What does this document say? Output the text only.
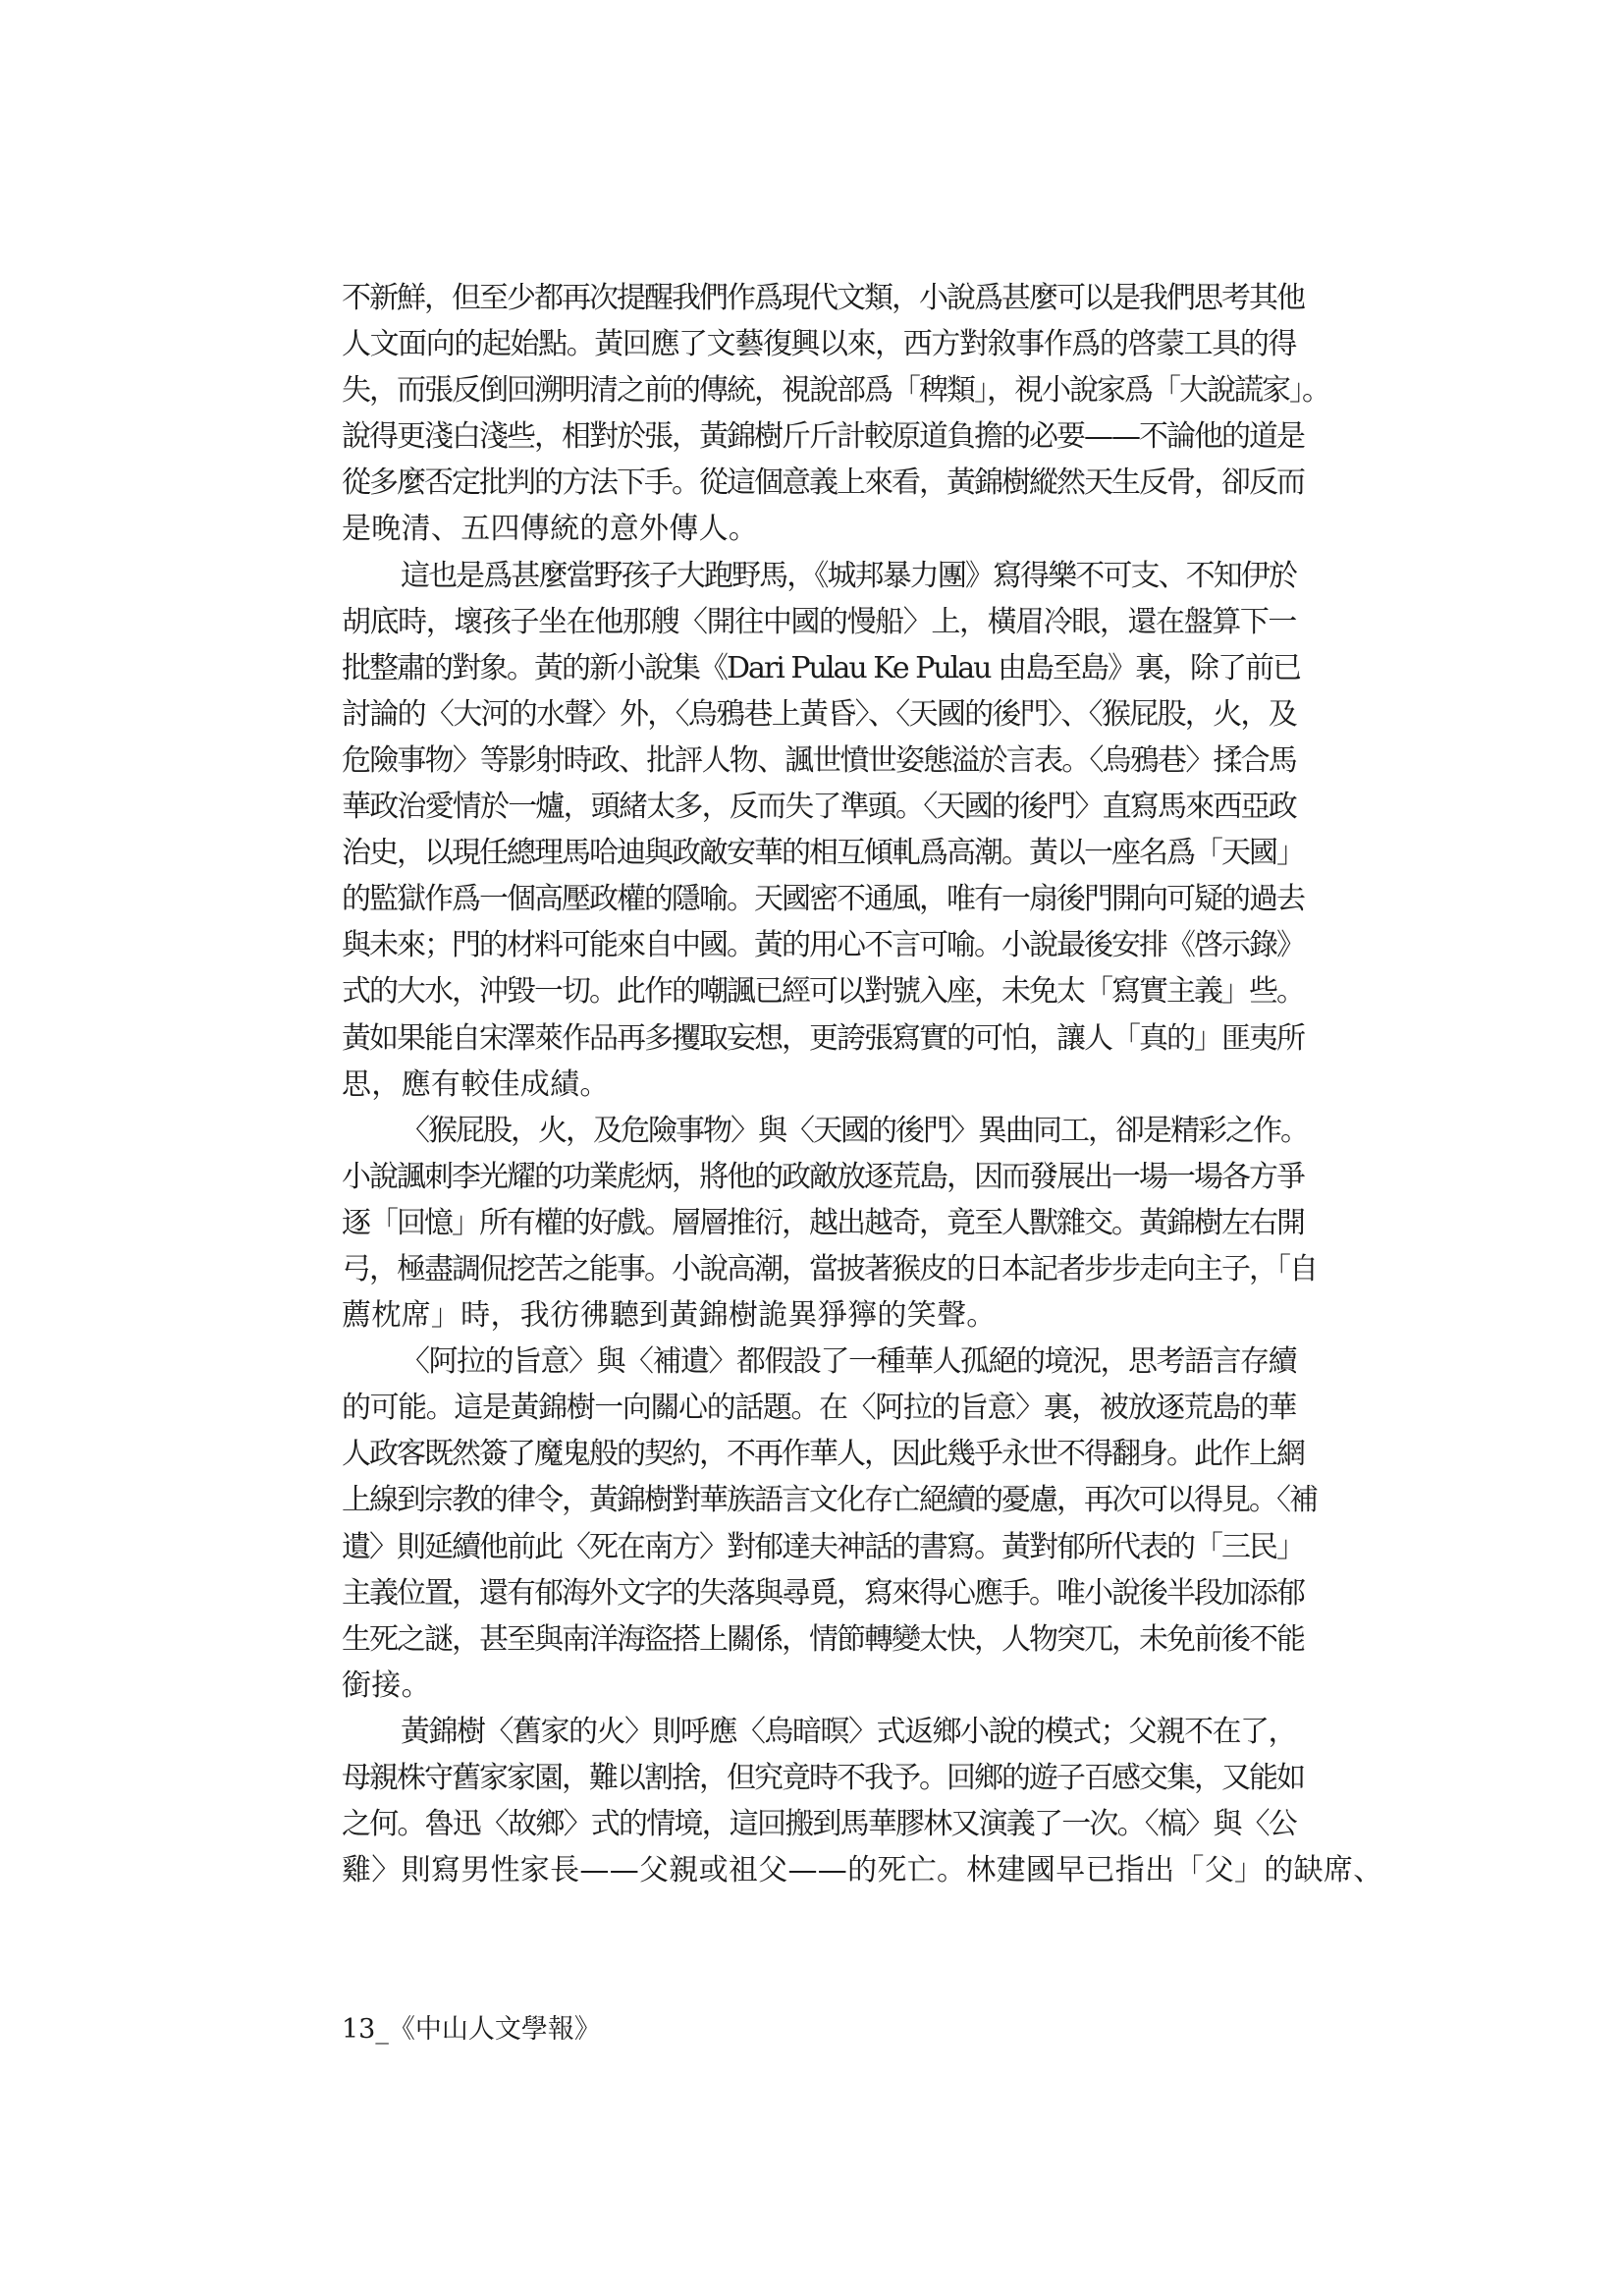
不新鮮，但至少都再次提醒我們作爲現代文類，小說爲甚麼可以是我們思考其他
人文面向的起始點。黃回應了文藝復興以來，西方對敘事作爲的啓蒙工具的得
失，而張反倒回溯明清之前的傳統，視說部爲「稗類」，視小說家爲「大說謊家」。
說得更淺白淺些，相對於張，黃錦樹斤斤計較原道負擔的必要——不論他的道是
從多麼否定批判的方法下手。從這個意義上來看，黃錦樹縱然天生反骨，卻反而
是晚清、五四傳統的意外傳人。
這也是爲甚麼當野孩子大跑野馬，《城邦暴力團》寫得樂不可支、不知伊於
胡底時，壞孩子坐在他那艘〈開往中國的慢船〉上，橫眉冷眼，還在盤算下一
批整肅的對象。黃的新小說集《Dari Pulau Ke Pulau 由島至島》裏，除了前已
討論的〈大河的水聲〉外，〈烏鴉巷上黃昏〉、〈天國的後門〉、〈猴屁股，火，及
危險事物〉等影射時政、批評人物、諷世憤世姿態溢於言表。〈烏鴉巷〉揉合馬
華政治愛情於一爐，頭緒太多，反而失了準頭。〈天國的後門〉直寫馬來西亞政
治史，以現任總理馬哈迪與政敵安華的相互傾軋爲高潮。黃以一座名爲「天國」
的監獄作爲一個高壓政權的隱喻。天國密不通風，唯有一扇後門開向可疑的過去
與未來；門的材料可能來自中國。黃的用心不言可喻。小說最後安排《啓示錄》
式的大水，沖毀一切。此作的嘲諷已經可以對號入座，未免太「寫實主義」些。
黃如果能自宋澤萊作品再多攫取妄想，更誇張寫實的可怕，讓人「真的」匪夷所
思，應有較佳成績。
〈猴屁股，火，及危險事物〉與〈天國的後門〉異曲同工，卻是精彩之作。
小說諷刺李光耀的功業彪炳，將他的政敵放逐荒島，因而發展出一場一場各方爭
逐「回憶」所有權的好戲。層層推衍，越出越奇，竟至人獸雜交。黃錦樹左右開
弓，極盡調侃挖苦之能事。小說高潮，當披著猴皮的日本記者步步走向主子，「自
薦枕席」時，我彷彿聽到黃錦樹詭異猙獰的笑聲。
〈阿拉的旨意〉與〈補遺〉都假設了一種華人孤絕的境況，思考語言存續
的可能。這是黃錦樹一向關心的話題。在〈阿拉的旨意〉裏，被放逐荒島的華
人政客既然簽了魔鬼般的契約，不再作華人，因此幾乎永世不得翻身。此作上網
上線到宗教的律令，黃錦樹對華族語言文化存亡絕續的憂慮，再次可以得見。〈補
遺〉則延續他前此〈死在南方〉對郁達夫神話的書寫。黃對郁所代表的「三民」
主義位置，還有郁海外文字的失落與尋覓，寫來得心應手。唯小說後半段加添郁
生死之謎，甚至與南洋海盜搭上關係，情節轉變太快，人物突兀，未免前後不能
銜接。
黃錦樹〈舊家的火〉則呼應〈烏暗暝〉式返鄉小說的模式；父親不在了，
母親株守舊家家園，難以割捨，但究竟時不我予。回鄉的遊子百感交集，又能如
之何。魯迅〈故鄉〉式的情境，這回搬到馬華膠林又演義了一次。〈槁〉與〈公
雞〉則寫男性家長——父親或祖父——的死亡。林建國早已指出「父」的缺席、
13_《中山人文學報》
